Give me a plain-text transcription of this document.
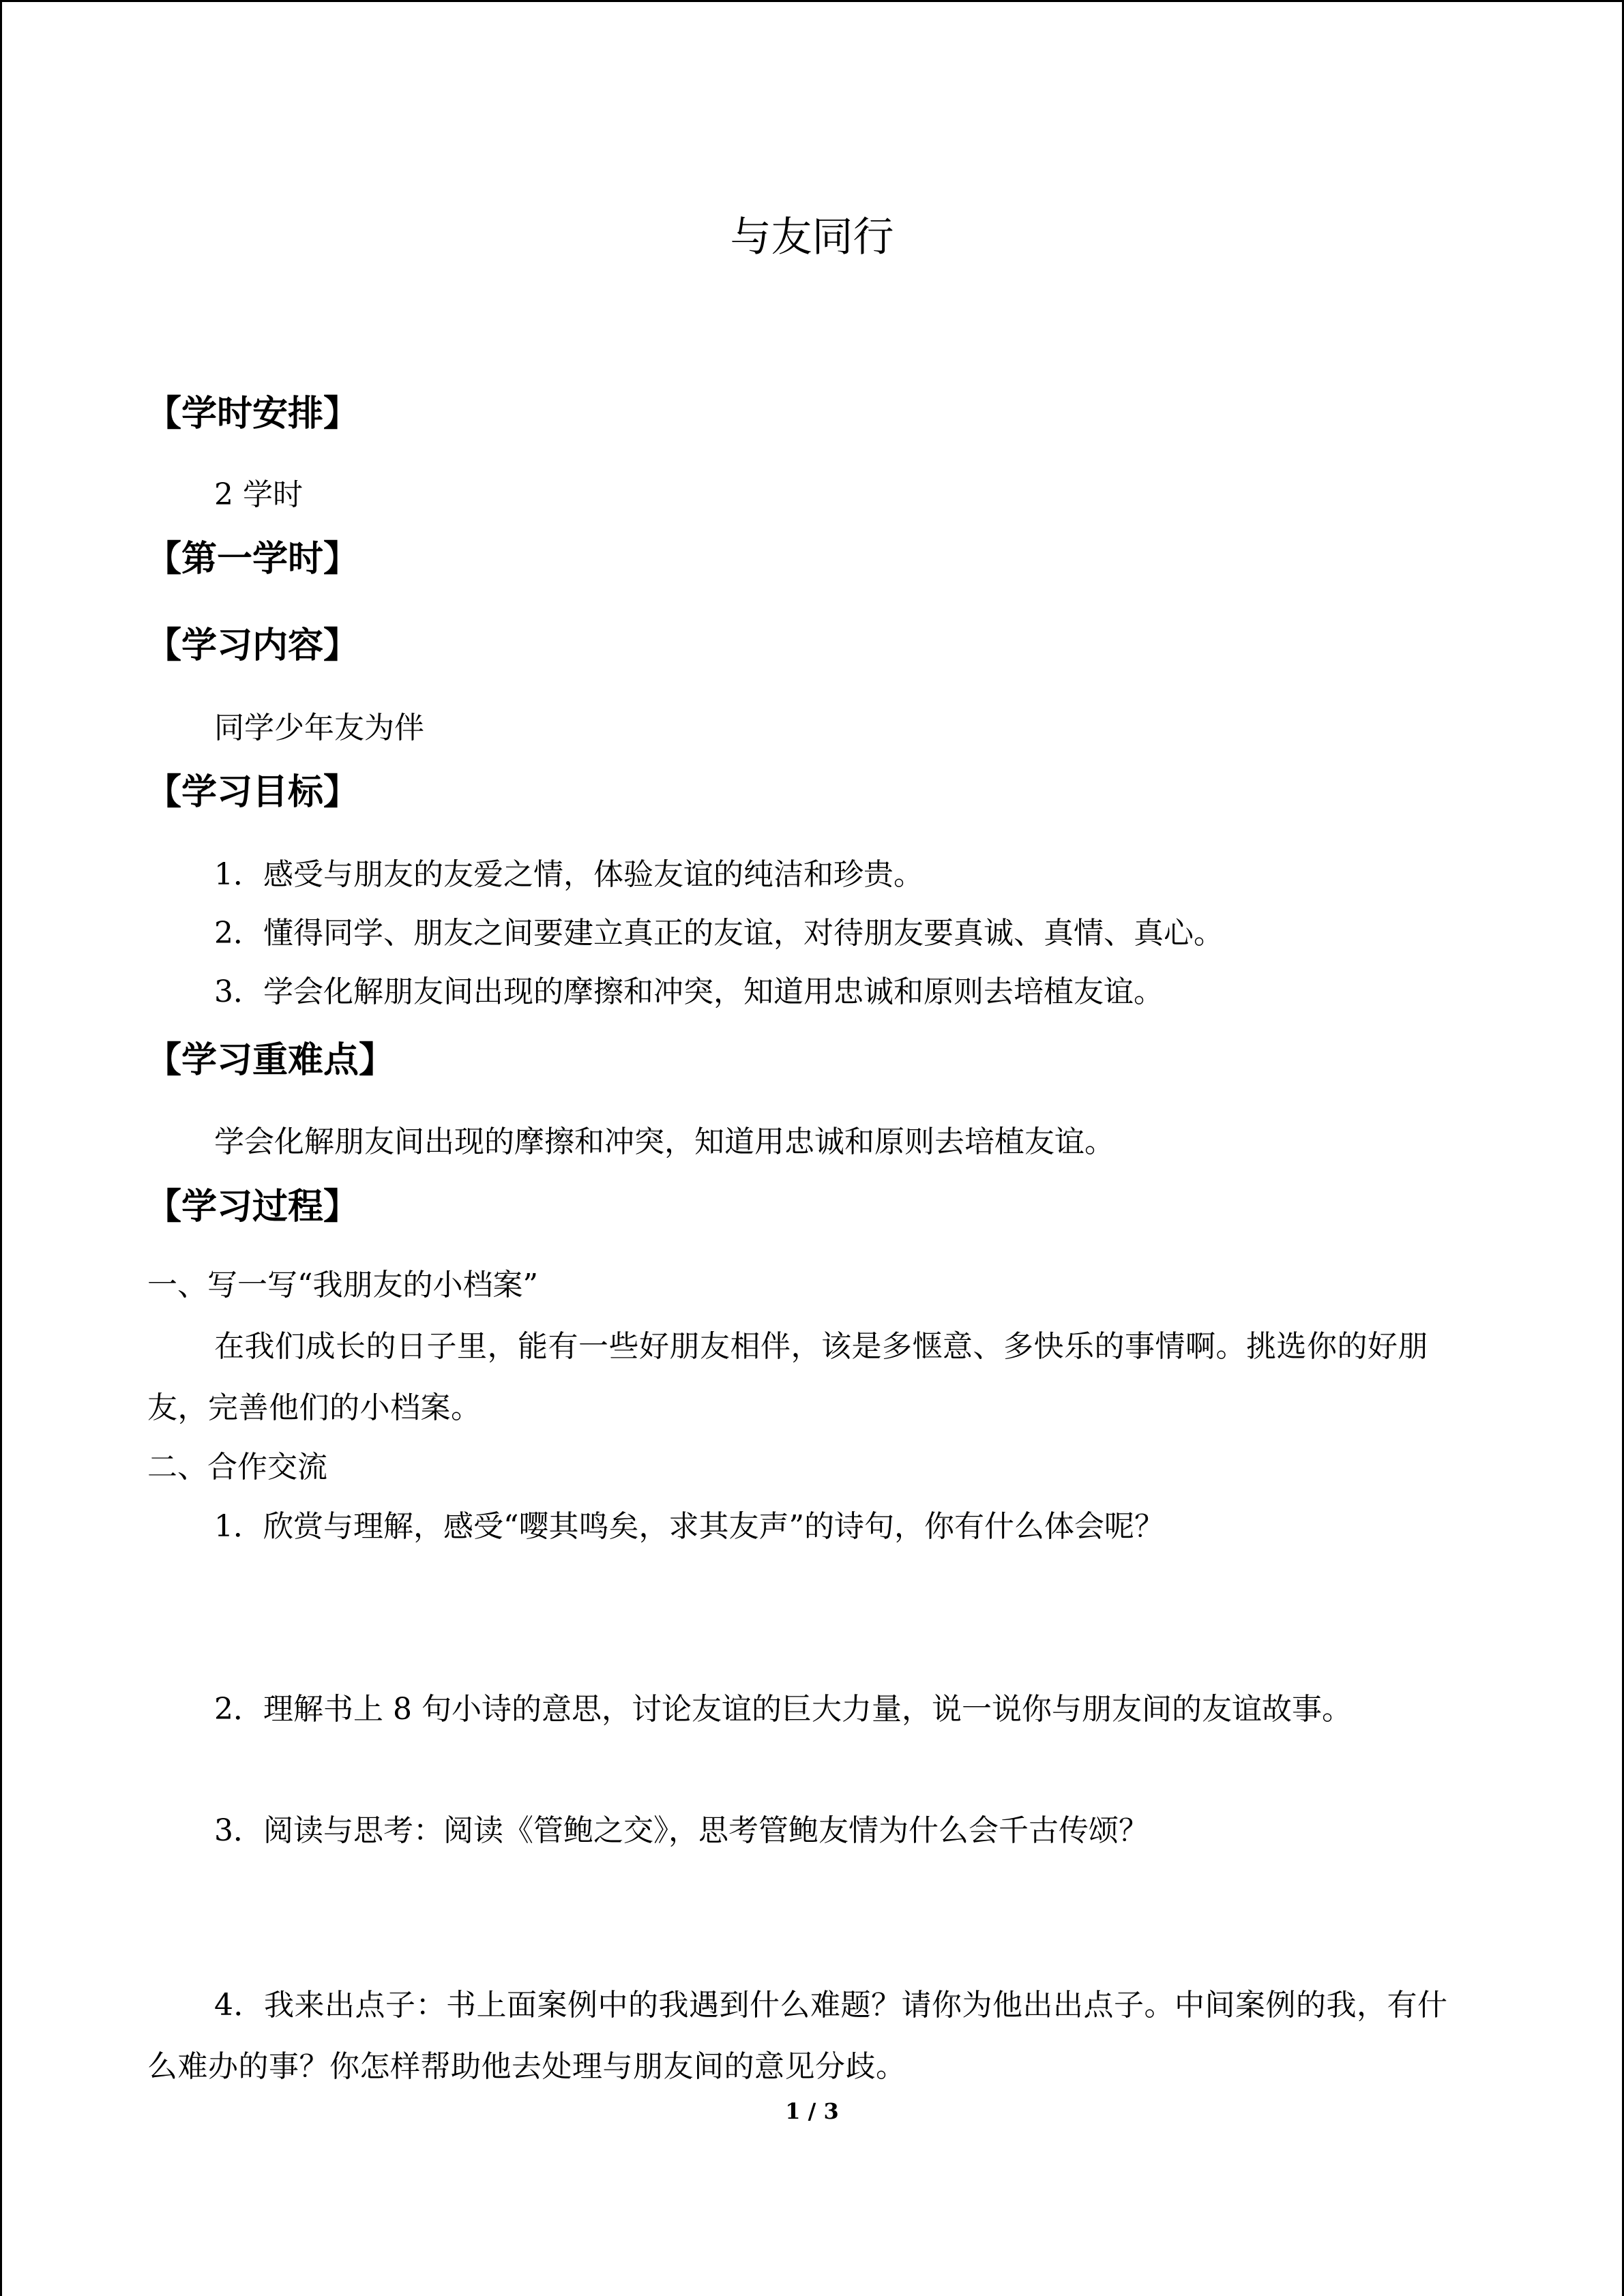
与友同行
【学时安排】
2 学时
【第一学时】
【学习内容】
同学少年友为伴
【学习目标】
1．感受与朋友的友爱之情，体验友谊的纯洁和珍贵。
2．懂得同学、朋友之间要建立真正的友谊，对待朋友要真诚、真情、真心。
3．学会化解朋友间出现的摩擦和冲突，知道用忠诚和原则去培植友谊。
【学习重难点】
学会化解朋友间出现的摩擦和冲突，知道用忠诚和原则去培植友谊。
【学习过程】
一、写一写“我朋友的小档案”
在我们成长的日子里，能有一些好朋友相伴，该是多惬意、多快乐的事情啊。挑选你的好朋友，完善他们的小档案。
二、合作交流
1．欣赏与理解，感受“嘤其鸣矣，求其友声”的诗句，你有什么体会呢？
2．理解书上 8 句小诗的意思，讨论友谊的巨大力量，说一说你与朋友间的友谊故事。
3．阅读与思考：阅读《管鲍之交》，思考管鲍友情为什么会千古传颂？
4．我来出点子：书上面案例中的我遇到什么难题？请你为他出出点子。中间案例的我，有什么难办的事？你怎样帮助他去处理与朋友间的意见分歧。
1 / 3
